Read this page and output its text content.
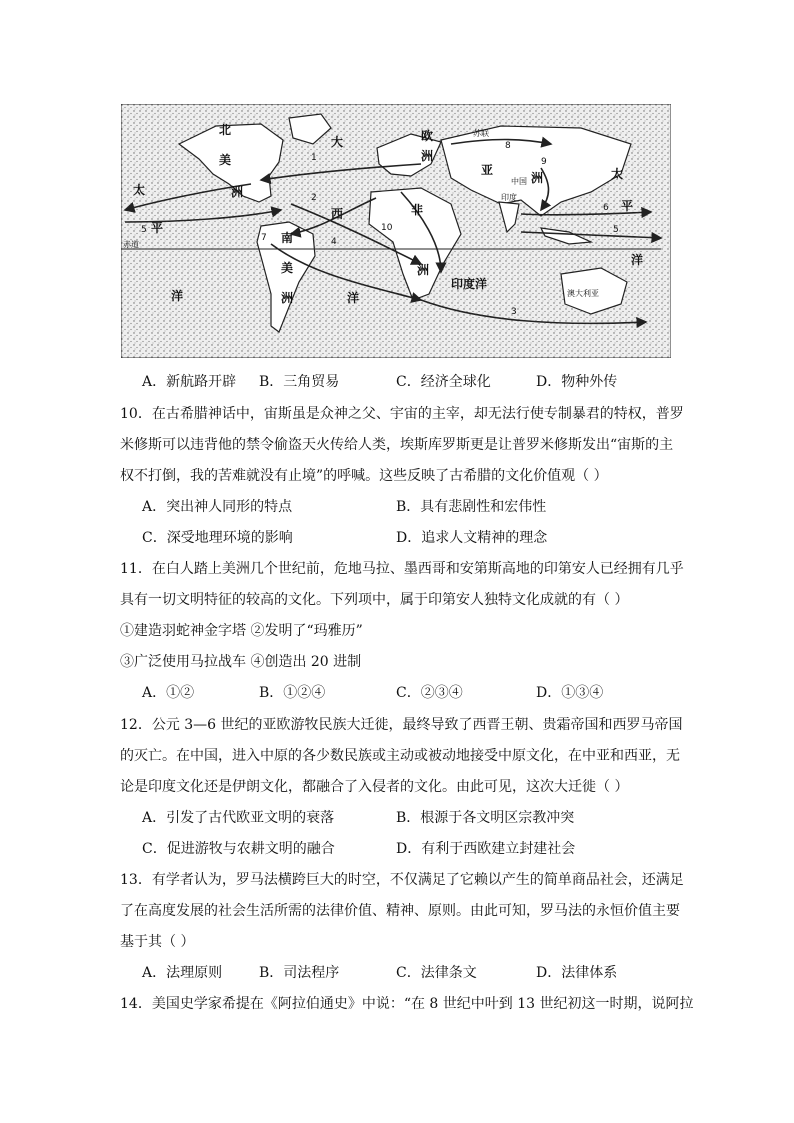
北
美
洲
大
西
洋
太
平
洋
太
平
洋
南
美
洲
非
洲
亚
洲
欧
洲
印度洋
中国
印度
苏联
澳大利亚
赤道
1
2
3
4
5	5
6
7
8
9
10
A．新航路开辟 B．三角贸易	C．经济全球化	D．物种外传
10．在古希腊神话中，宙斯虽是众神之父、宇宙的主宰，却无法行使专制暴君的特权，普罗
米修斯可以违背他的禁令偷盗天火传给人类，埃斯库罗斯更是让普罗米修斯发出“宙斯的主
权不打倒，我的苦难就没有止境”的呼喊。这些反映了古希腊的文化价值观（ ）
A．突出神人同形的特点	B．具有悲剧性和宏伟性
C．深受地理环境的影响	D．追求人文精神的理念
11．在白人踏上美洲几个世纪前，危地马拉、墨西哥和安第斯高地的印第安人已经拥有几乎
具有一切文明特征的较高的文化。下列项中，属于印第安人独特文化成就的有（ ）
①建造羽蛇神金字塔 ②发明了“玛雅历”
③广泛使用马拉战车 ④创造出 20 进制
A．①②	B．①②④	C．②③④	D．①③④
12．公元 3—6 世纪的亚欧游牧民族大迁徙，最终导致了西晋王朝、贵霜帝国和西罗马帝国
的灭亡。在中国，进入中原的各少数民族或主动或被动地接受中原文化，在中亚和西亚，无
论是印度文化还是伊朗文化，都融合了入侵者的文化。由此可见，这次大迁徙（ ）
A．引发了古代欧亚文明的衰落	B．根源于各文明区宗教冲突
C．促进游牧与农耕文明的融合	D．有利于西欧建立封建社会
13．有学者认为，罗马法横跨巨大的时空，不仅满足了它赖以产生的简单商品社会，还满足
了在高度发展的社会生活所需的法律价值、精神、原则。由此可知，罗马法的永恒价值主要
基于其（ ）
A．法理原则	B．司法程序	C．法律条文	D．法律体系
14．美国史学家希提在《阿拉伯通史》中说：“在 8 世纪中叶到 13 世纪初这一时期，说阿拉
